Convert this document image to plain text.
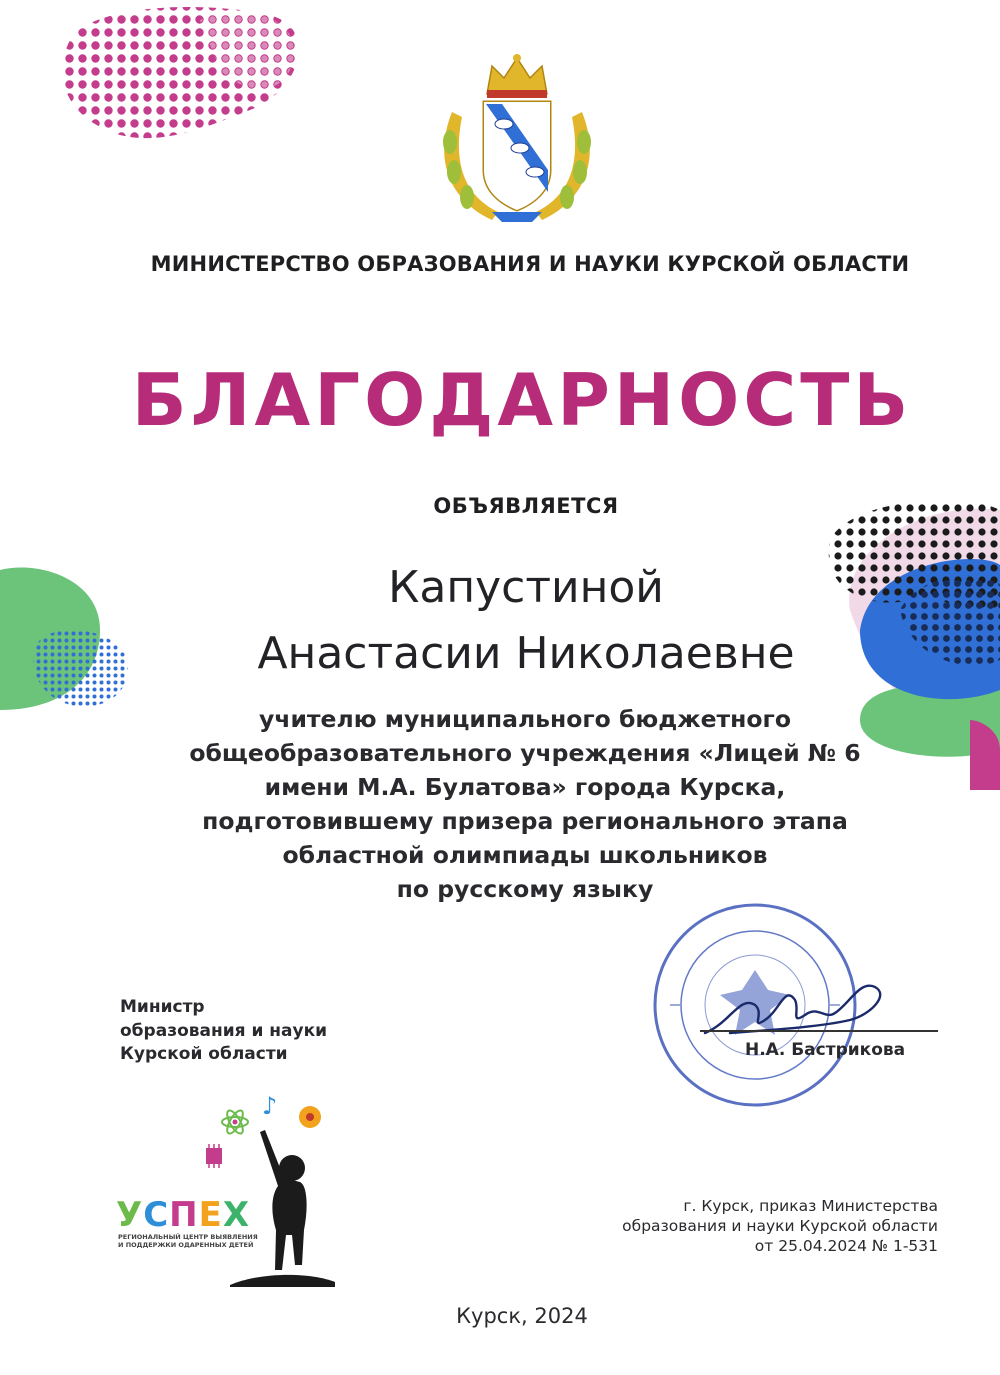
МИНИСТЕРСТВО ОБРАЗОВАНИЯ И НАУКИ КУРСКОЙ ОБЛАСТИ
БЛАГОДАРНОСТЬ
ОБЪЯВЛЯЕТСЯ
Капустиной
Анастасии Николаевне
учителю муниципального бюджетного
общеобразовательного учреждения «Лицей № 6
имени М.А. Булатова» города Курска,
подготовившему призера регионального этапа
областной олимпиады школьников
по русскому языку
Министр
образования и науки
Курской области	Н.А. Бастрикова
♪
УСПЕХ
РЕГИОНАЛЬНЫЙ ЦЕНТР ВЫЯВЛЕНИЯ
И ПОДДЕРЖКИ ОДАРЕННЫХ ДЕТЕЙ
г. Курск, приказ Министерства
образования и науки Курской области
от 25.04.2024 № 1-531
Курск, 2024
